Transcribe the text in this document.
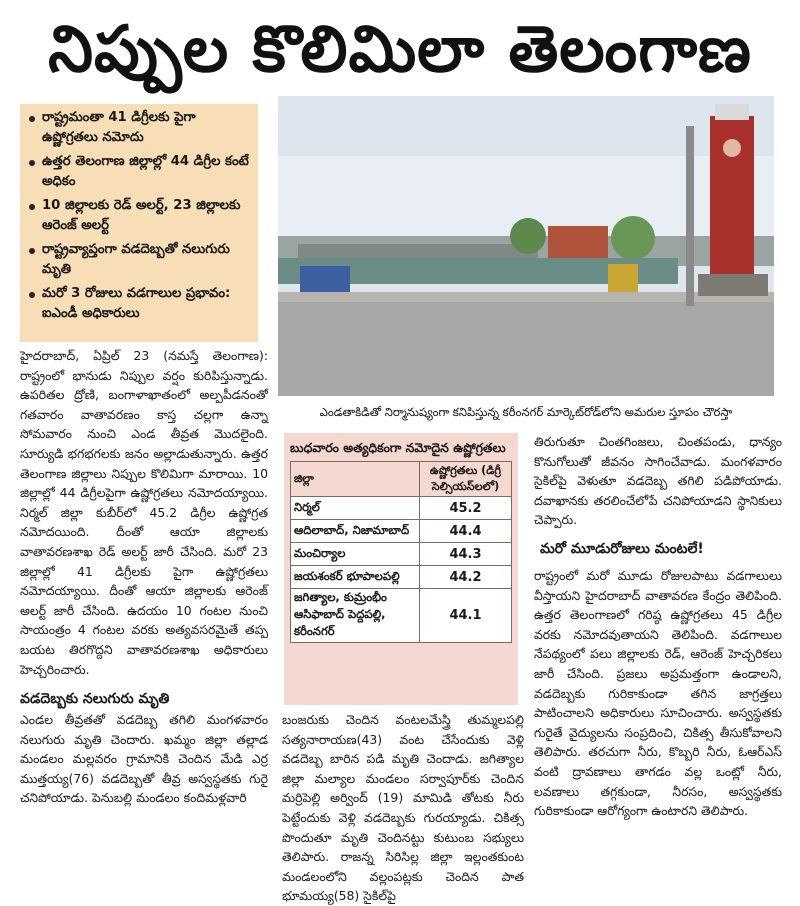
నిప్పుల కొలిమిలా తెలంగాణ
రాష్ట్రమంతా 41 డిగ్రీలకు పైగా ఉష్ణోగ్రతలు నమోదు
ఉత్తర తెలంగాణ జిల్లాల్లో 44 డిగ్రీల కంటే అధికం
10 జిల్లాలకు రెడ్ అలర్ట్, 23 జిల్లాలకు ఆరెంజ్ అలర్ట్
రాష్ట్రవ్యాప్తంగా వడదెబ్బతో నలుగురు మృతి
మరో 3 రోజులు వడగాలుల ప్రభావం: ఐఎండీ అధికారులు
హైదరాబాద్, ఏప్రిల్ 23 (నమస్తే తెలంగాణ): రాష్ట్రంలో భానుడు నిప్పుల వర్షం కురిపిస్తున్నాడు. ఉపరితల ద్రోణి, బంగాళాఖాతంలో అల్పపీడనంతో గతవారం వాతావరణం కాస్త చల్లగా ఉన్నా సోమవారం నుంచి ఎండ తీవ్రత మొదలైంది. సూర్యుడి భగభగలకు జనం అల్లాడుతున్నారు. ఉత్తర తెలంగాణ జిల్లాలు నిప్పుల కొలిమిగా మారాయి. 10 జిల్లాల్లో 44 డిగ్రీలపైగా ఉష్ణోగ్రతలు నమోదయ్యాయి. నిర్మల్ జిల్లా కుబీర్‌లో 45.2 డిగ్రీల ఉష్ణోగ్రత నమోదయింది. దీంతో ఆయా జిల్లాలకు వాతావరణశాఖ రెడ్ అలర్ట్ జారీ చేసింది. మరో 23 జిల్లాల్లో 41 డిగ్రీలకు పైగా ఉష్ణోగ్రతలు నమోదయ్యాయి. దీంతో ఆయా జిల్లాలకు ఆరెంజ్ అలర్ట్ జారీ చేసింది. ఉదయం 10 గంటల నుంచి సాయంత్రం 4 గంటల వరకు అత్యవసరమైతే తప్ప బయట తిరగొద్దని వాతావరణశాఖ అధికారులు హెచ్చరించారు.
వడదెబ్బకు నలుగురు మృతి
ఎండల తీవ్రతతో వడదెబ్బ తగిలి మంగళవారం నలుగురు మృతి చెందారు. ఖమ్మం జిల్లా తల్లాడ మండలం మల్లవరం గ్రామానికి చెందిన మేడి ఎర్ర ముత్తయ్య(76) వడదెబ్బతో తీవ్ర అస్వస్థతకు గురై చనిపోయాడు. పెనుబల్లి మండలం కందిమళ్లవారి
ఎండతాకిడితో నిర్మానుష్యంగా కనిపిస్తున్న కరీంనగర్ మార్కెట్‌రోడ్‌లోని అమరుల స్తూపం చౌరస్తా
బుధవారం అత్యధికంగా నమోదైన ఉష్ణోగ్రతలు
జిల్లా	ఉష్ణోగ్రతలు (డిగ్రీ సెల్సియస్‌లలో)
నిర్మల్	45.2
ఆదిలాబాద్, నిజామాబాద్	44.4
మంచిర్యాల	44.3
జయశంకర్ భూపాలపల్లి	44.2
జగిత్యాల, కుమ్రంభీం ఆసిఫాబాద్ పెద్దపల్లి, కరీంనగర్	44.1
బంజరుకు చెందిన వంటలమేస్త్రి తుమ్మలపల్లి సత్యనారాయణ(43) వంట చేసేందుకు వెళ్లి వడదెబ్బ బారిన పడి మృతి చెందాడు. జగిత్యాల జిల్లా మల్యాల మండలం సర్వాపూర్‌కు చెందిన మర్రిపెల్లి అర్వింద్ (19) మామిడి తోటకు నీరు పెట్టేందుకు వెళ్లి వడదెబ్బకు గురయ్యాడు. చికిత్స పొందుతూ మృతి చెందినట్టు కుటుంబ సభ్యులు తెలిపారు. రాజన్న సిరిసిల్ల జిల్లా ఇల్లంతకుంట మండలంలోని వల్లంపట్లకు చెందిన పాత భూమయ్య(58) సైకిల్‌పై
తిరుగుతూ చింతగింజలు, చింతపండు, ధాన్యం కొనుగోలుతో జీవనం సాగించేవాడు. మంగళవారం సైకిల్‌పై వెళుతూ వడదెబ్బ తగిలి పడిపోయాడు. దవాఖానకు తరలించేలోపే చనిపోయాడని స్థానికులు చెప్పారు.
మరో మూడురోజులు మంటలే!
రాష్ట్రంలో మరో మూడు రోజులపాటు వడగాలులు వీస్తాయని హైదరాబాద్ వాతావరణ కేంద్రం తెలిపింది. ఉత్తర తెలంగాణలో గరిష్ఠ ఉష్ణోగ్రతలు 45 డిగ్రీల వరకు నమోదవుతాయని తెలిపింది. వడగాలుల నేపథ్యంలో పలు జిల్లాలకు రెడ్, ఆరెంజ్ హెచ్చరికలు జారీ చేసింది. ప్రజలు అప్రమత్తంగా ఉండాలని, వడదెబ్బకు గురికాకుండా తగిన జాగ్రత్తలు పాటించాలని అధికారులు సూచించారు. అస్వస్థతకు గురైతే వైద్యులను సంప్రదించి, చికిత్స తీసుకోవాలని తెలిపారు. తరచుగా నీరు, కొబ్బరి నీరు, ఓఆర్ఎస్ వంటి ద్రావణాలు తాగడం వల్ల ఒంట్లో నీరు, లవణాలు తగ్గకుండా, నీరసం, అస్వస్థతకు గురికాకుండా ఆరోగ్యంగా ఉంటారని తెలిపారు.
